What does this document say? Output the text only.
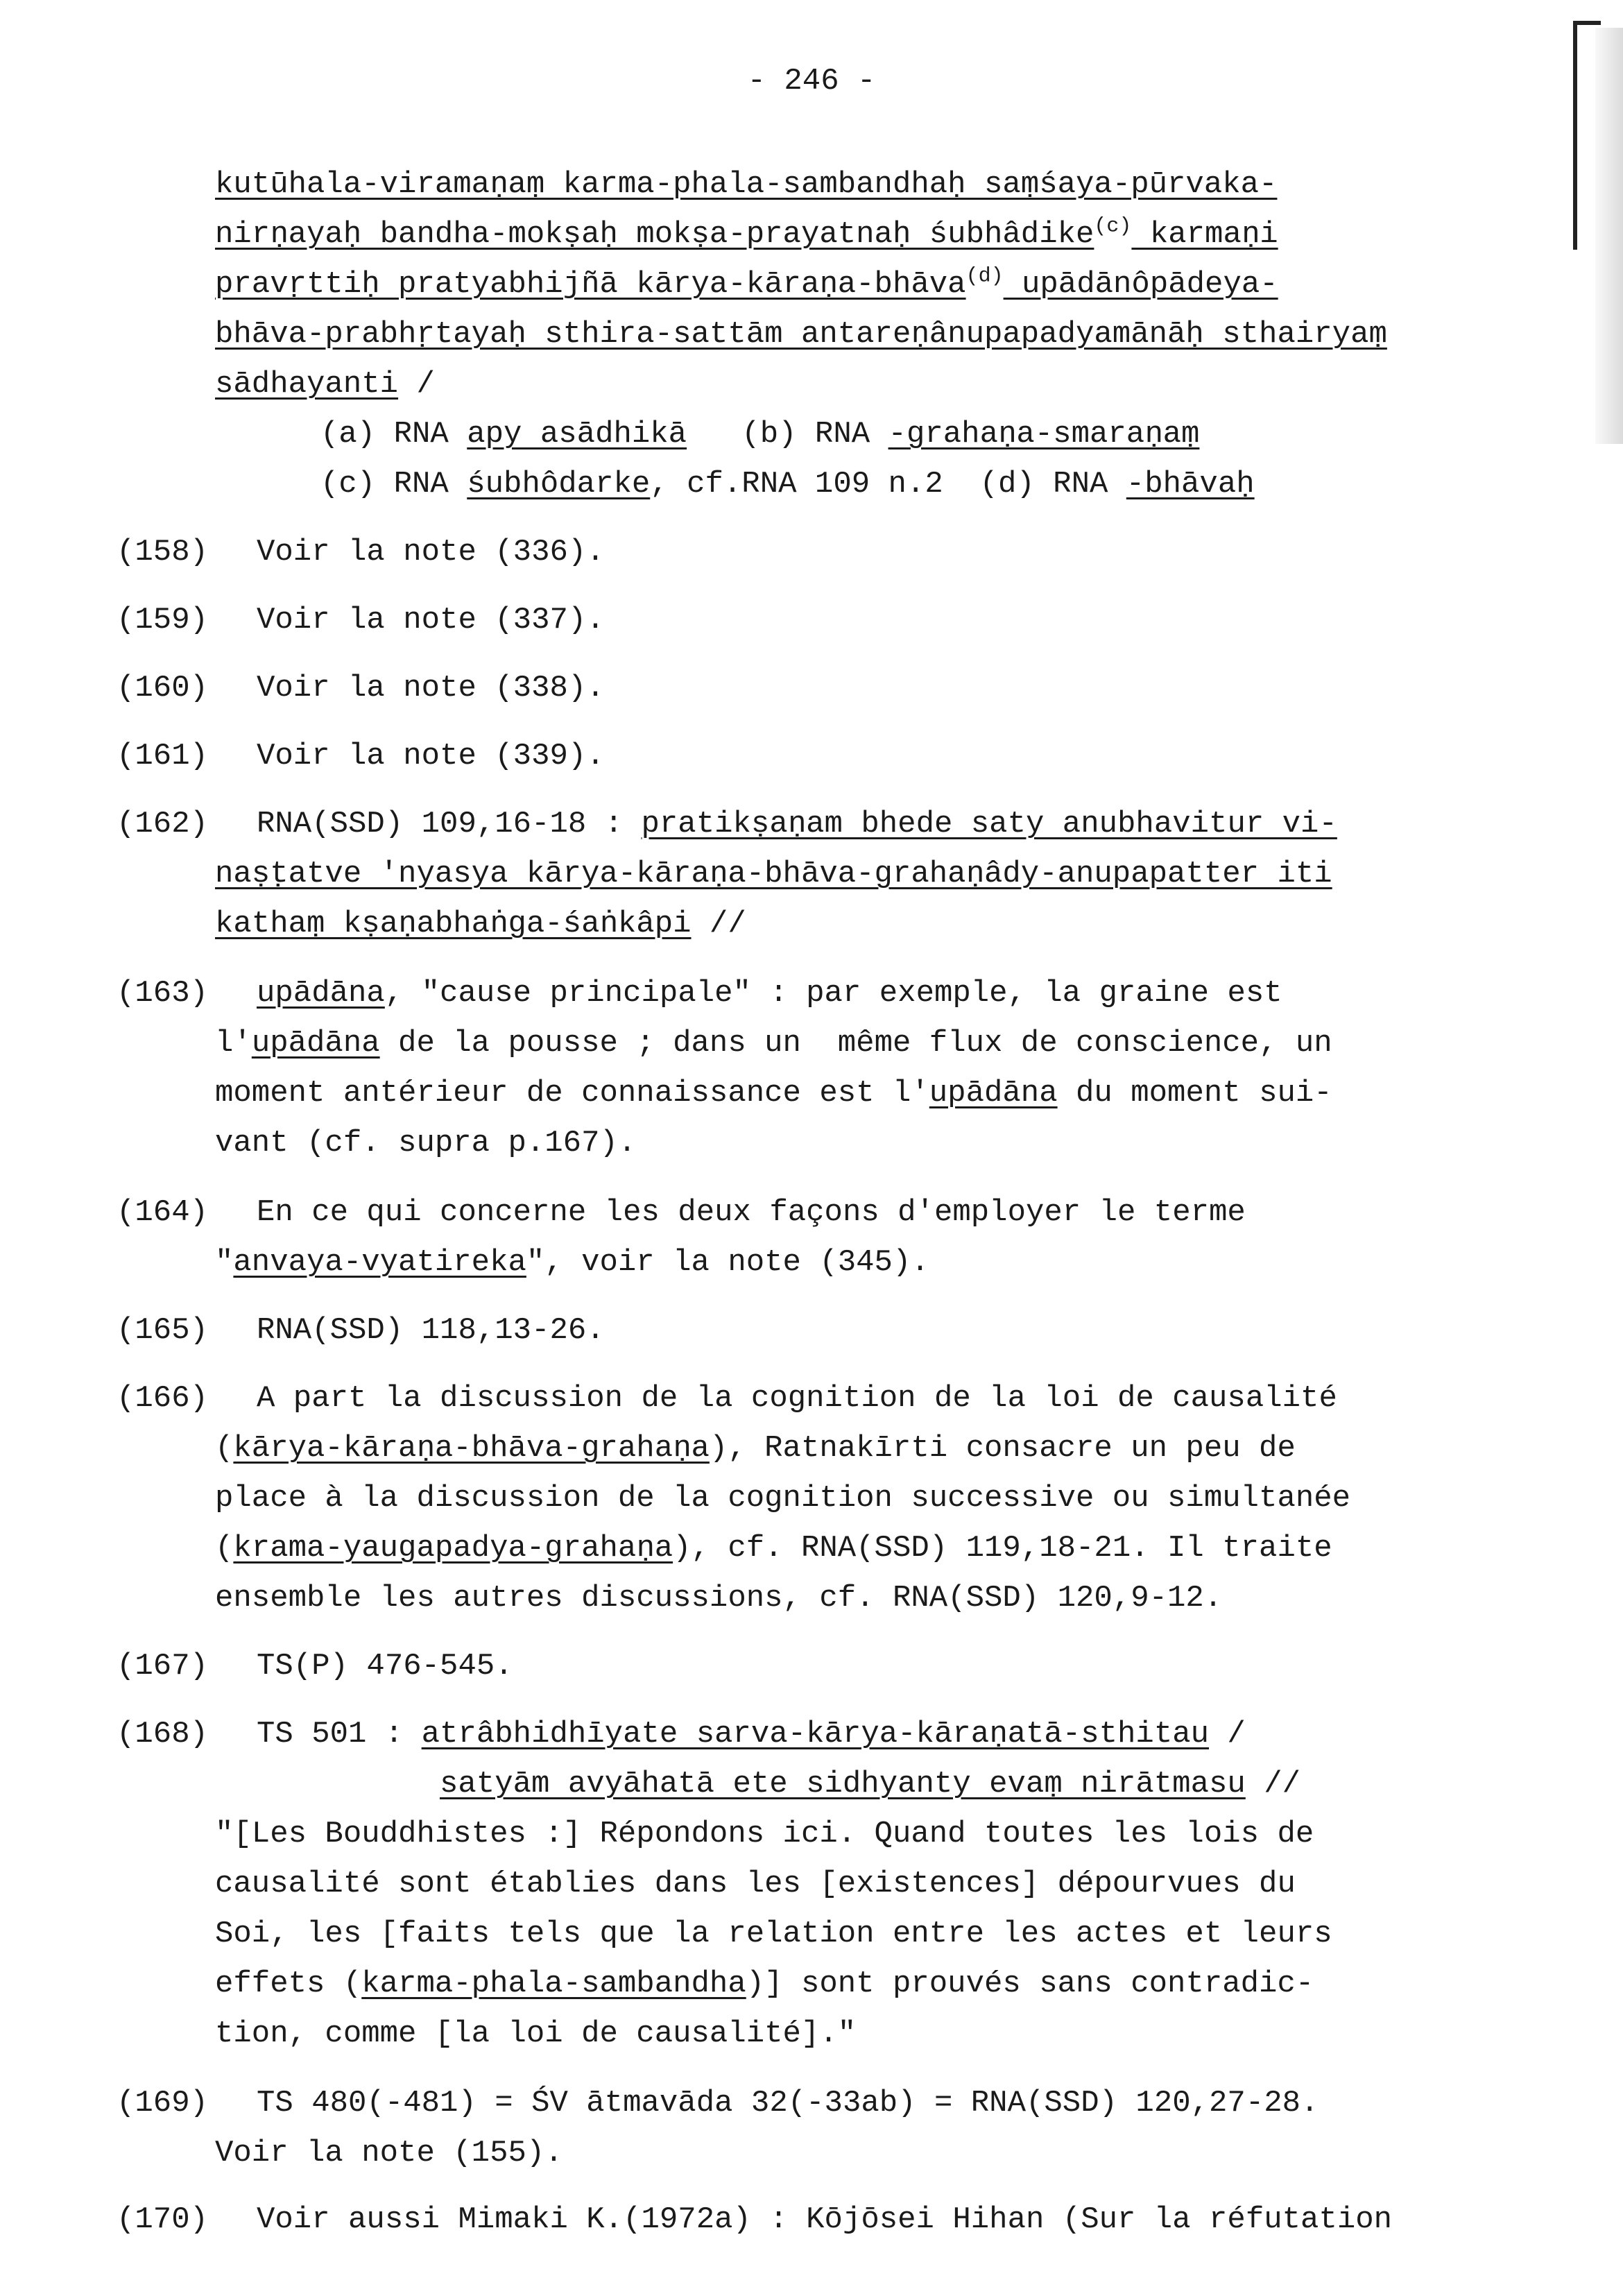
- 246 -
kutūhala-viramaṇaṃ karma-phala-sambandhaḥ saṃśaya-pūrvaka-
nirṇayaḥ bandha-mokṣaḥ mokṣa-prayatnaḥ śubhâdike$^{(c)}$ karmaṇi
pravṛttiḥ pratyabhijñā kārya-kāraṇa-bhāva$^{(d)}$ upādānôpādeya-
bhāva-prabhṛtayaḥ sthira-sattām antareṇânupapadyamānāḥ sthairyaṃ
sādhayanti /
(a) RNA apy asādhikā   (b) RNA -grahaṇa-smaraṇaṃ
(c) RNA śubhôdarke, cf.RNA 109 n.2  (d) RNA -bhāvaḥ
(158) Voir la note (336).
(159) Voir la note (337).
(160) Voir la note (338).
(161) Voir la note (339).
(162) RNA(SSD) 109,16-18 : pratikṣaṇam bhede saty anubhavitur vi-
naṣṭatve 'nyasya kārya-kāraṇa-bhāva-grahaṇâdy-anupapatter iti
kathaṃ kṣaṇabhaṅga-śaṅkâpi //
(163) upādāna, "cause principale" : par exemple, la graine est
l'upādāna de la pousse ; dans un  même flux de conscience, un
moment antérieur de connaissance est l'upādāna du moment sui-
vant (cf. supra p.167).
(164) En ce qui concerne les deux façons d'employer le terme
"anvaya-vyatireka", voir la note (345).
(165) RNA(SSD) 118,13-26.
(166) A part la discussion de la cognition de la loi de causalité
(kārya-kāraṇa-bhāva-grahaṇa), Ratnakīrti consacre un peu de
place à la discussion de la cognition successive ou simultanée
(krama-yaugapadya-grahaṇa), cf. RNA(SSD) 119,18-21. Il traite
ensemble les autres discussions, cf. RNA(SSD) 120,9-12.
(167) TS(P) 476-545.
(168) TS 501 : atrâbhidhīyate sarva-kārya-kāraṇatā-sthitau /
satyām avyāhatā ete sidhyanty evaṃ nirātmasu //
"[Les Bouddhistes :] Répondons ici. Quand toutes les lois de
causalité sont établies dans les [existences] dépourvues du
Soi, les [faits tels que la relation entre les actes et leurs
effets (karma-phala-sambandha)] sont prouvés sans contradic-
tion, comme [la loi de causalité]."
(169) TS 480(-481) = ŚV ātmavāda 32(-33ab) = RNA(SSD) 120,27-28.
Voir la note (155).
(170) Voir aussi Mimaki K.(1972a) : Kōjōsei Hihan (Sur la réfutation
